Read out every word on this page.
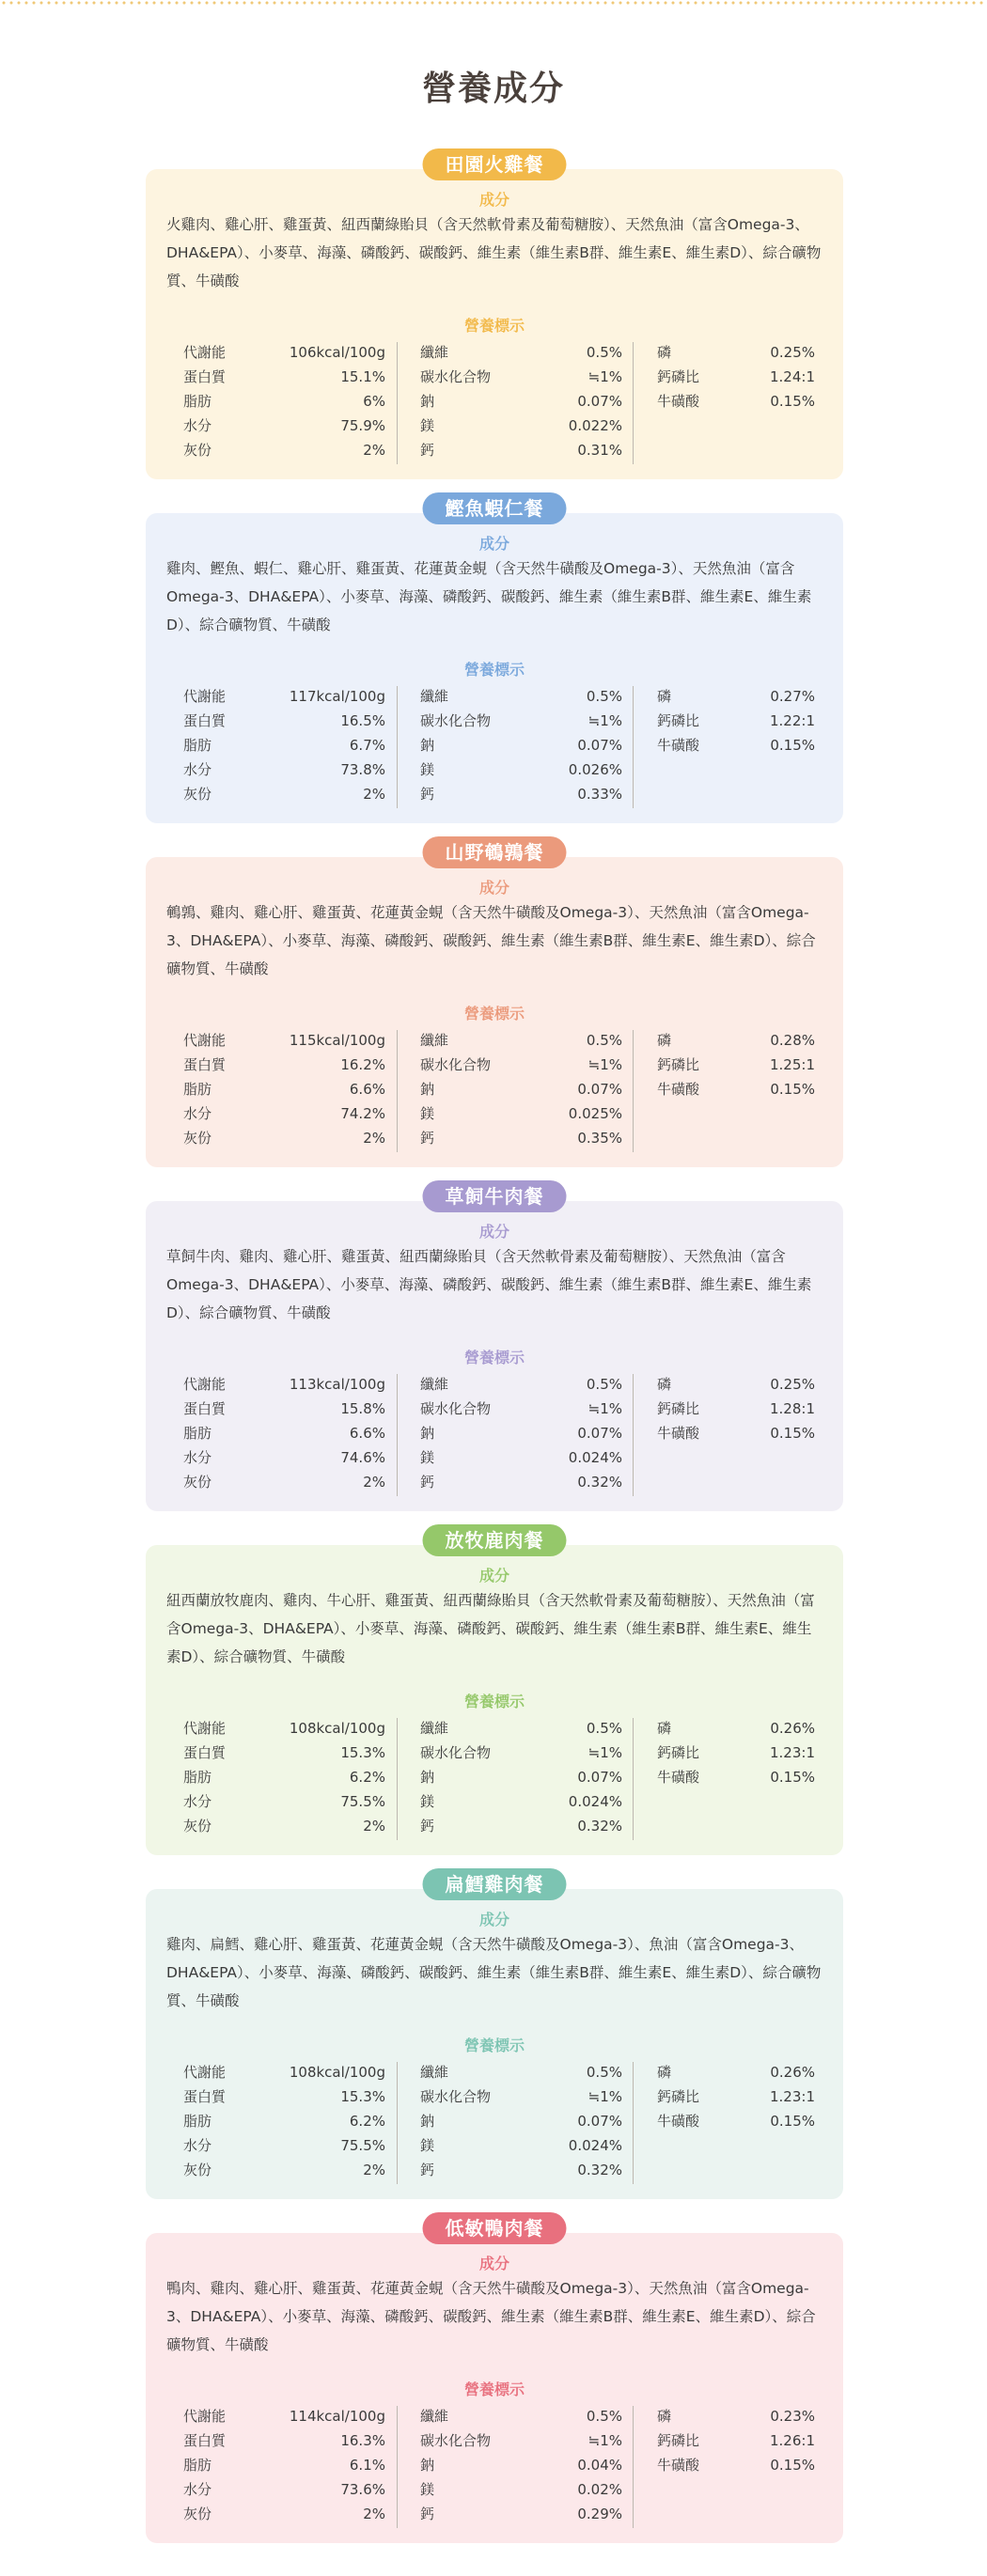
營養成分
田園火雞餐
成分

火雞肉、雞心肝、雞蛋黃、紐西蘭綠貽貝（含天然軟骨素及葡萄糖胺）、天然魚油（富含Omega-3、DHA&EPA）、小麥草、海藻、磷酸鈣、碳酸鈣、維生素（維生素B群、維生素E、維生素D）、綜合礦物質、牛磺酸

營養標示
代謝能	106kcal/100g
蛋白質	15.1%
脂肪	6%
水分	75.9%
灰份	2%
纖維	0.5%
碳水化合物	≒1%
鈉	0.07%
鎂	0.022%
鈣	0.31%
磷	0.25%
鈣磷比	1.24:1
牛磺酸	0.15%
鰹魚蝦仁餐
成分

雞肉、鰹魚、蝦仁、雞心肝、雞蛋黃、花蓮黃金蜆（含天然牛磺酸及Omega-3）、天然魚油（富含Omega-3、DHA&EPA）、小麥草、海藻、磷酸鈣、碳酸鈣、維生素（維生素B群、維生素E、維生素D）、綜合礦物質、牛磺酸

營養標示
代謝能	117kcal/100g
蛋白質	16.5%
脂肪	6.7%
水分	73.8%
灰份	2%
纖維	0.5%
碳水化合物	≒1%
鈉	0.07%
鎂	0.026%
鈣	0.33%
磷	0.27%
鈣磷比	1.22:1
牛磺酸	0.15%
山野鵪鶉餐
成分

鵪鶉、雞肉、雞心肝、雞蛋黃、花蓮黃金蜆（含天然牛磺酸及Omega-3）、天然魚油（富含Omega-3、DHA&EPA）、小麥草、海藻、磷酸鈣、碳酸鈣、維生素（維生素B群、維生素E、維生素D）、綜合礦物質、牛磺酸

營養標示
代謝能	115kcal/100g
蛋白質	16.2%
脂肪	6.6%
水分	74.2%
灰份	2%
纖維	0.5%
碳水化合物	≒1%
鈉	0.07%
鎂	0.025%
鈣	0.35%
磷	0.28%
鈣磷比	1.25:1
牛磺酸	0.15%
草飼牛肉餐
成分

草飼牛肉、雞肉、雞心肝、雞蛋黃、紐西蘭綠貽貝（含天然軟骨素及葡萄糖胺）、天然魚油（富含Omega-3、DHA&EPA）、小麥草、海藻、磷酸鈣、碳酸鈣、維生素（維生素B群、維生素E、維生素D）、綜合礦物質、牛磺酸

營養標示
代謝能	113kcal/100g
蛋白質	15.8%
脂肪	6.6%
水分	74.6%
灰份	2%
纖維	0.5%
碳水化合物	≒1%
鈉	0.07%
鎂	0.024%
鈣	0.32%
磷	0.25%
鈣磷比	1.28:1
牛磺酸	0.15%
放牧鹿肉餐
成分

紐西蘭放牧鹿肉、雞肉、牛心肝、雞蛋黃、紐西蘭綠貽貝（含天然軟骨素及葡萄糖胺）、天然魚油（富含Omega-3、DHA&EPA）、小麥草、海藻、磷酸鈣、碳酸鈣、維生素（維生素B群、維生素E、維生素D）、綜合礦物質、牛磺酸

營養標示
代謝能	108kcal/100g
蛋白質	15.3%
脂肪	6.2%
水分	75.5%
灰份	2%
纖維	0.5%
碳水化合物	≒1%
鈉	0.07%
鎂	0.024%
鈣	0.32%
磷	0.26%
鈣磷比	1.23:1
牛磺酸	0.15%
扁鱈雞肉餐
成分

雞肉、扁鱈、雞心肝、雞蛋黃、花蓮黃金蜆（含天然牛磺酸及Omega-3）、魚油（富含Omega-3、DHA&EPA）、小麥草、海藻、磷酸鈣、碳酸鈣、維生素（維生素B群、維生素E、維生素D）、綜合礦物質、牛磺酸

營養標示
代謝能	108kcal/100g
蛋白質	15.3%
脂肪	6.2%
水分	75.5%
灰份	2%
纖維	0.5%
碳水化合物	≒1%
鈉	0.07%
鎂	0.024%
鈣	0.32%
磷	0.26%
鈣磷比	1.23:1
牛磺酸	0.15%
低敏鴨肉餐
成分

鴨肉、雞肉、雞心肝、雞蛋黃、花蓮黃金蜆（含天然牛磺酸及Omega-3）、天然魚油（富含Omega-3、DHA&EPA）、小麥草、海藻、磷酸鈣、碳酸鈣、維生素（維生素B群、維生素E、維生素D）、綜合礦物質、牛磺酸

營養標示
代謝能	114kcal/100g
蛋白質	16.3%
脂肪	6.1%
水分	73.6%
灰份	2%
纖維	0.5%
碳水化合物	≒1%
鈉	0.04%
鎂	0.02%
鈣	0.29%
磷	0.23%
鈣磷比	1.26:1
牛磺酸	0.15%
